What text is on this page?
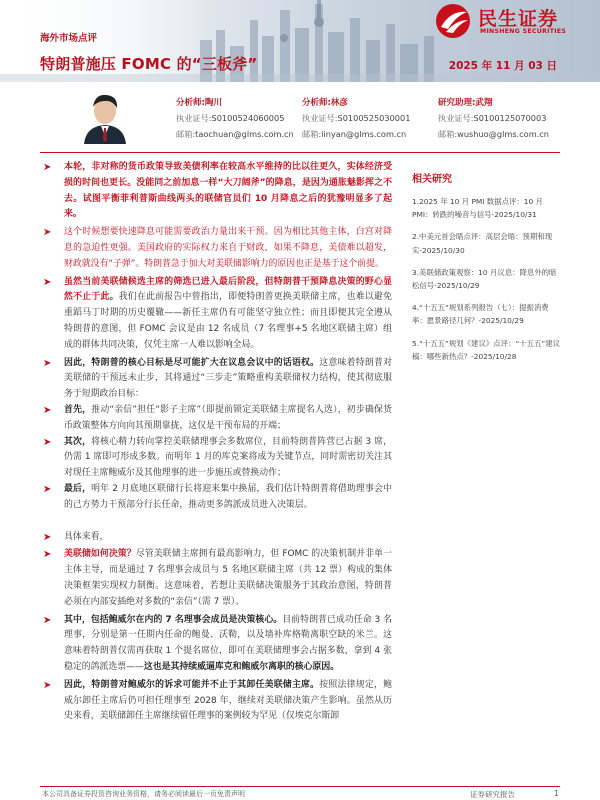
海外市场点评
特朗普施压 FOMC 的“三板斧”	2025 年 11 月 03 日
民生证券
MINSHENG SECURITIES
分析师:陶川
执业证号:S0100524060005
邮箱:taochuan@glms.com.cn
分析师:林彦
执业证号:S0100525030001
邮箱:linyan@glms.com.cn
研究助理:武翔
执业证号:S0100125070003
邮箱:wushuo@glms.com.cn
➤ 本轮，非对称的货币政策导致美债利率在较高水平维持的比以往更久，实体经济受损的时间也更长。没能同之前加息一样“大刀阔斧”的降息，是因为通胀魅影挥之不去。试图平衡菲利普斯曲线两头的联储官员们 10 月降息之后的犹豫明显多了起来。
➤ 这个时候想要快速降息可能需要政治力量出来干预。因为相比其他主体，白宫对降息的急迫性更强。美国政府的实际权力来自于财政，如果不降息，美债难以超发，财政就没有“子弹”。特朗普急于加大对美联储影响力的原因也正是基于这个前提。
➤ 虽然当前美联储候选主席的筛选已进入最后阶段，但特朗普干预降息决策的野心显然不止于此。我们在此前报告中曾指出，即便特朗普更换美联储主席，也难以避免重蹈马丁时期的历史覆辙——新任主席仍有可能坚守独立性；而且即便其完全遵从特朗普的意图，但 FOMC 会议是由 12 名成员（7 名理事+5 名地区联储主席）组成的群体共同决策，仅凭主席一人难以影响全局。
➤ 因此，特朗普的核心目标是尽可能扩大在议息会议中的话语权。这意味着特朗普对美联储的干预远未止步，其将通过“三步走”策略重构美联储权力结构，使其彻底服务于短期政治目标：
➤ 首先，推动“亲信”担任“影子主席”（即提前锁定美联储主席提名人选），初步确保货币政策整体方向向其预期靠拢，这仅是干预布局的开端；
➤ 其次，将核心精力转向掌控美联储理事会多数席位，目前特朗普阵营已占据 3 席，仍需 1 席即可形成多数。而明年 1 月的库克案将成为关键节点，同时需密切关注其对现任主席鲍威尔及其他理事的进一步施压或替换动作；
➤ 最后，明年 2 月底地区联储行长将迎来集中换届，我们估计特朗普将借助理事会中的己方势力干预部分行长任命，推动更多鸽派成员进入决策层。
➤ 具体来看，
➤ 美联储如何决策？尽管美联储主席拥有最高影响力，但 FOMC 的决策机制并非单一主体主导，而是通过 7 名理事会成员与 5 名地区联储主席（共 12 票）构成的集体决策框架实现权力制衡。这意味着，若想让美联储决策服务于其政治意图，特朗普必须在内部安插绝对多数的“亲信”（需 7 票）。
➤ 其中，包括鲍威尔在内的 7 名理事会成员是决策核心。目前特朗普已成功任命 3 名理事，分别是第一任期内任命的鲍曼、沃勒，以及墙补库格勒离职空缺的米兰。这意味着特朗普仅需再获取 1 个提名席位，即可在美联储理事会占据多数，拿到 4 张稳定的鸽派选票——这也是其持续威逼库克和鲍威尔离职的核心原因。
➤ 因此，特朗普对鲍威尔的诉求可能并不止于其卸任美联储主席。按照法律规定，鲍威尔卸任主席后仍可担任理事至 2028 年，继续对美联储决策产生影响。虽然从历史来看，美联储卸任主席继续留任理事的案例较为罕见（仅埃克尔斯卸
相关研究
1.2025 年 10 月 PMI 数据点评：10 月 PMI：转跌的噪音与信号-2025/10/31
2.中美元首会晤点评：高层会晤：预期和现实-2025/10/30
3.美联储政策观察：10 月议息：降息外的暗松信号-2025/10/29
4.“十五五”规划系列报告（七）：提振消费率：愿景路径几何？-2025/10/29
5.“十五五”规划《建议》点评：“十五五”建议稿：哪些新热点？-2025/10/28
本公司具备证券投资咨询业务资格，请务必阅读最后一页免责声明	证券研究报告	1
